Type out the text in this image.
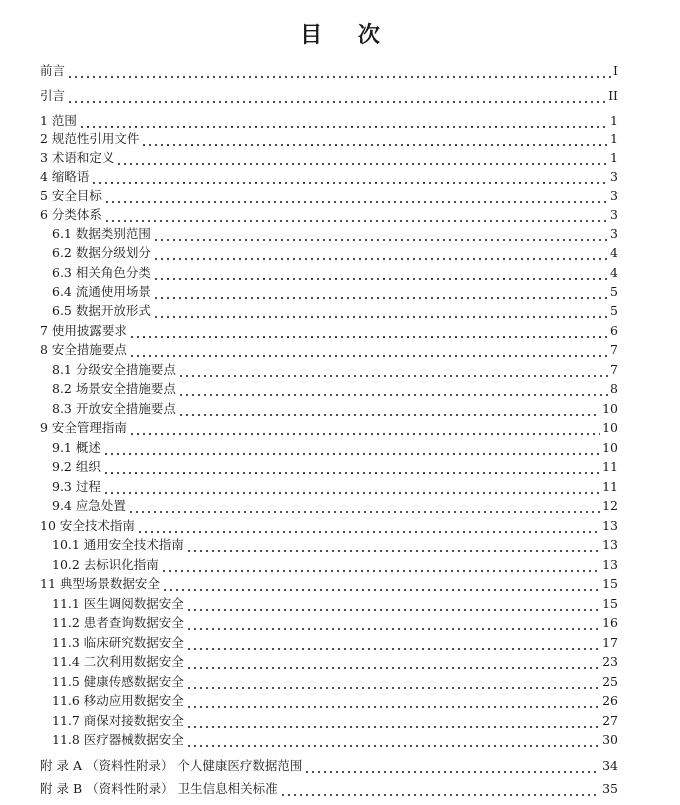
目 次
前言	I
引言	II
1 范围	1
2 规范性引用文件	1
3 术语和定义	1
4 缩略语	3
5 安全目标	3
6 分类体系	3
6.1 数据类别范围	3
6.2 数据分级划分	4
6.3 相关角色分类	4
6.4 流通使用场景	5
6.5 数据开放形式	5
7 使用披露要求	6
8 安全措施要点	7
8.1 分级安全措施要点	7
8.2 场景安全措施要点	8
8.3 开放安全措施要点	10
9 安全管理指南	10
9.1 概述	10
9.2 组织	11
9.3 过程	11
9.4 应急处置	12
10 安全技术指南	13
10.1 通用安全技术指南	13
10.2 去标识化指南	13
11 典型场景数据安全	15
11.1 医生调阅数据安全	15
11.2 患者查询数据安全	16
11.3 临床研究数据安全	17
11.4 二次利用数据安全	23
11.5 健康传感数据安全	25
11.6 移动应用数据安全	26
11.7 商保对接数据安全	27
11.8 医疗器械数据安全	30
附 录 A （资料性附录） 个人健康医疗数据范围	34
附 录 B （资料性附录） 卫生信息相关标准	35
